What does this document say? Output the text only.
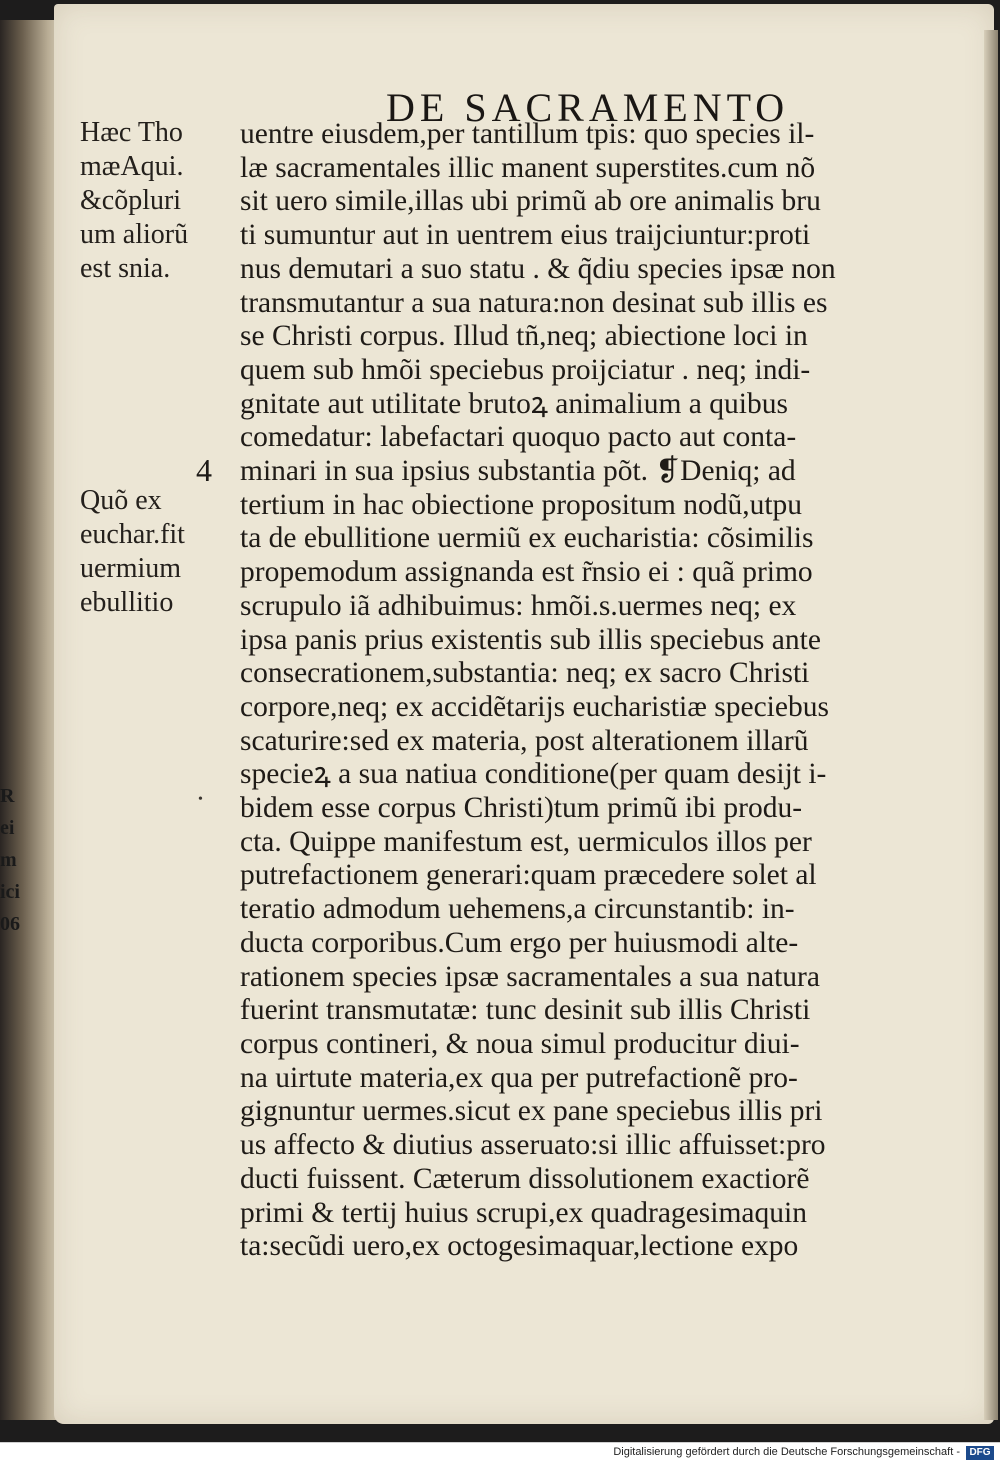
R
ei
m
ici
06
DE SACRAMENTO
Hæc Tho
mæAqui.
&cõpluri
um aliorũ
est snia.
4
Quõ ex
euchar.fit
uermium
ebullitio
•
uentre eiusdem,per tantillum tpis: quo species il-
læ sacramentales illic manent superstites.cum nõ
sit uero simile,illas ubi primũ ab ore animalis bru
ti sumuntur aut in uentrem eius traijciuntur:proti
nus demutari a suo statu . & q̃diu species ipsæ non
transmutantur a sua natura:non desinat sub illis es
se Christi corpus. Illud tñ,neq; abiectione loci in
quem sub hmõi speciebus proijciatur . neq; indi-
gnitate aut utilitate brutoꝝ animalium a quibus
comedatur: labefactari quoquo pacto aut conta-
minari in sua ipsius substantia põt. ❡Deniq; ad
tertium in hac obiectione propositum nodũ,utpu
ta de ebullitione uermiũ ex eucharistia: cõsimilis
propemodum assignanda est r̃nsio ei : quã primo
scrupulo iã adhibuimus: hmõi.s.uermes neq; ex
ipsa panis prius existentis sub illis speciebus ante
consecrationem,substantia: neq; ex sacro Christi
corpore,neq; ex accidẽtarijs eucharistiæ speciebus
scaturire:sed ex materia, post alterationem illarũ
specieꝝ a sua natiua conditione(per quam desijt i-
bidem esse corpus Christi)tum primũ ibi produ-
cta. Quippe manifestum est, uermiculos illos per
putrefactionem generari:quam præcedere solet al
teratio admodum uehemens,a circunstantib: in-
ducta corporibus.Cum ergo per huiusmodi alte-
rationem species ipsæ sacramentales a sua natura
fuerint transmutatæ: tunc desinit sub illis Christi
corpus contineri, & noua simul producitur diui-
na uirtute materia,ex qua per putrefactionẽ pro-
gignuntur uermes.sicut ex pane speciebus illis pri
us affecto & diutius asseruato:si illic affuisset:pro
ducti fuissent. Cæterum dissolutionem exactiorẽ
primi & tertij huius scrupi,ex quadragesimaquin
ta:secũdi uero,ex octogesimaquar,lectione expo
Digitalisierung gefördert durch die Deutsche Forschungsgemeinschaft - DFG
